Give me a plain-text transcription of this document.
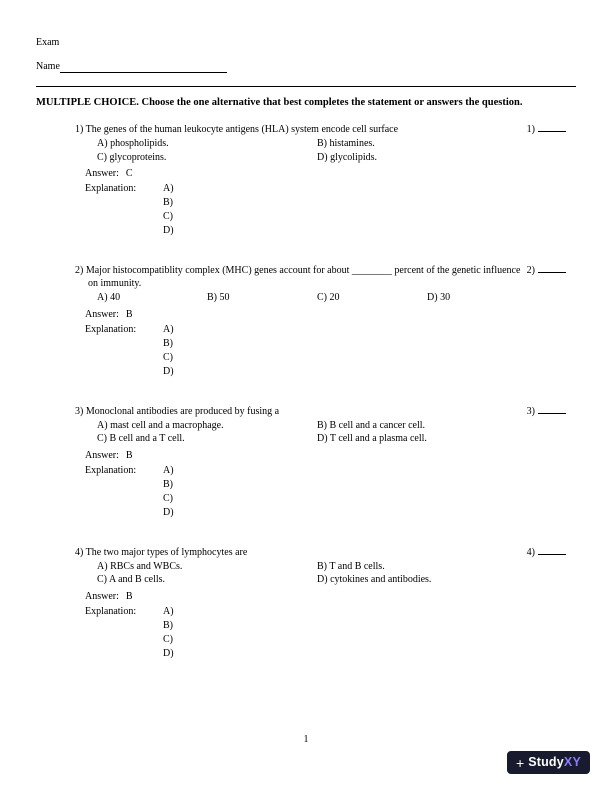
Exam
Name
MULTIPLE CHOICE. Choose the one alternative that best completes the statement or answers the question.
1) The genes of the human leukocyte antigens (HLA) system encode cell surface	1)
A) phospholipids.	B) histamines.
C) glycoproteins.	D) glycolipids.
Answer: C
Explanation:	A)
B)
C)
D)
2) Major histocompatiblity complex (MHC) genes account for about ________ percent of the genetic influence on immunity.
2)
A) 40	B) 50	C) 20	D) 30
Answer: B
Explanation:	A)
B)
C)
D)
3) Monoclonal antibodies are produced by fusing a	3)
A) mast cell and a macrophage.	B) B cell and a cancer cell.
C) B cell and a T cell.	D) T cell and a plasma cell.
Answer: B
Explanation:	A)
B)
C)
D)
4) The two major types of lymphocytes are	4)
A) RBCs and WBCs.	B) T and B cells.
C) A and B cells.	D) cytokines and antibodies.
Answer: B
Explanation:	A)
B)
C)
D)
1
+ Study XY
